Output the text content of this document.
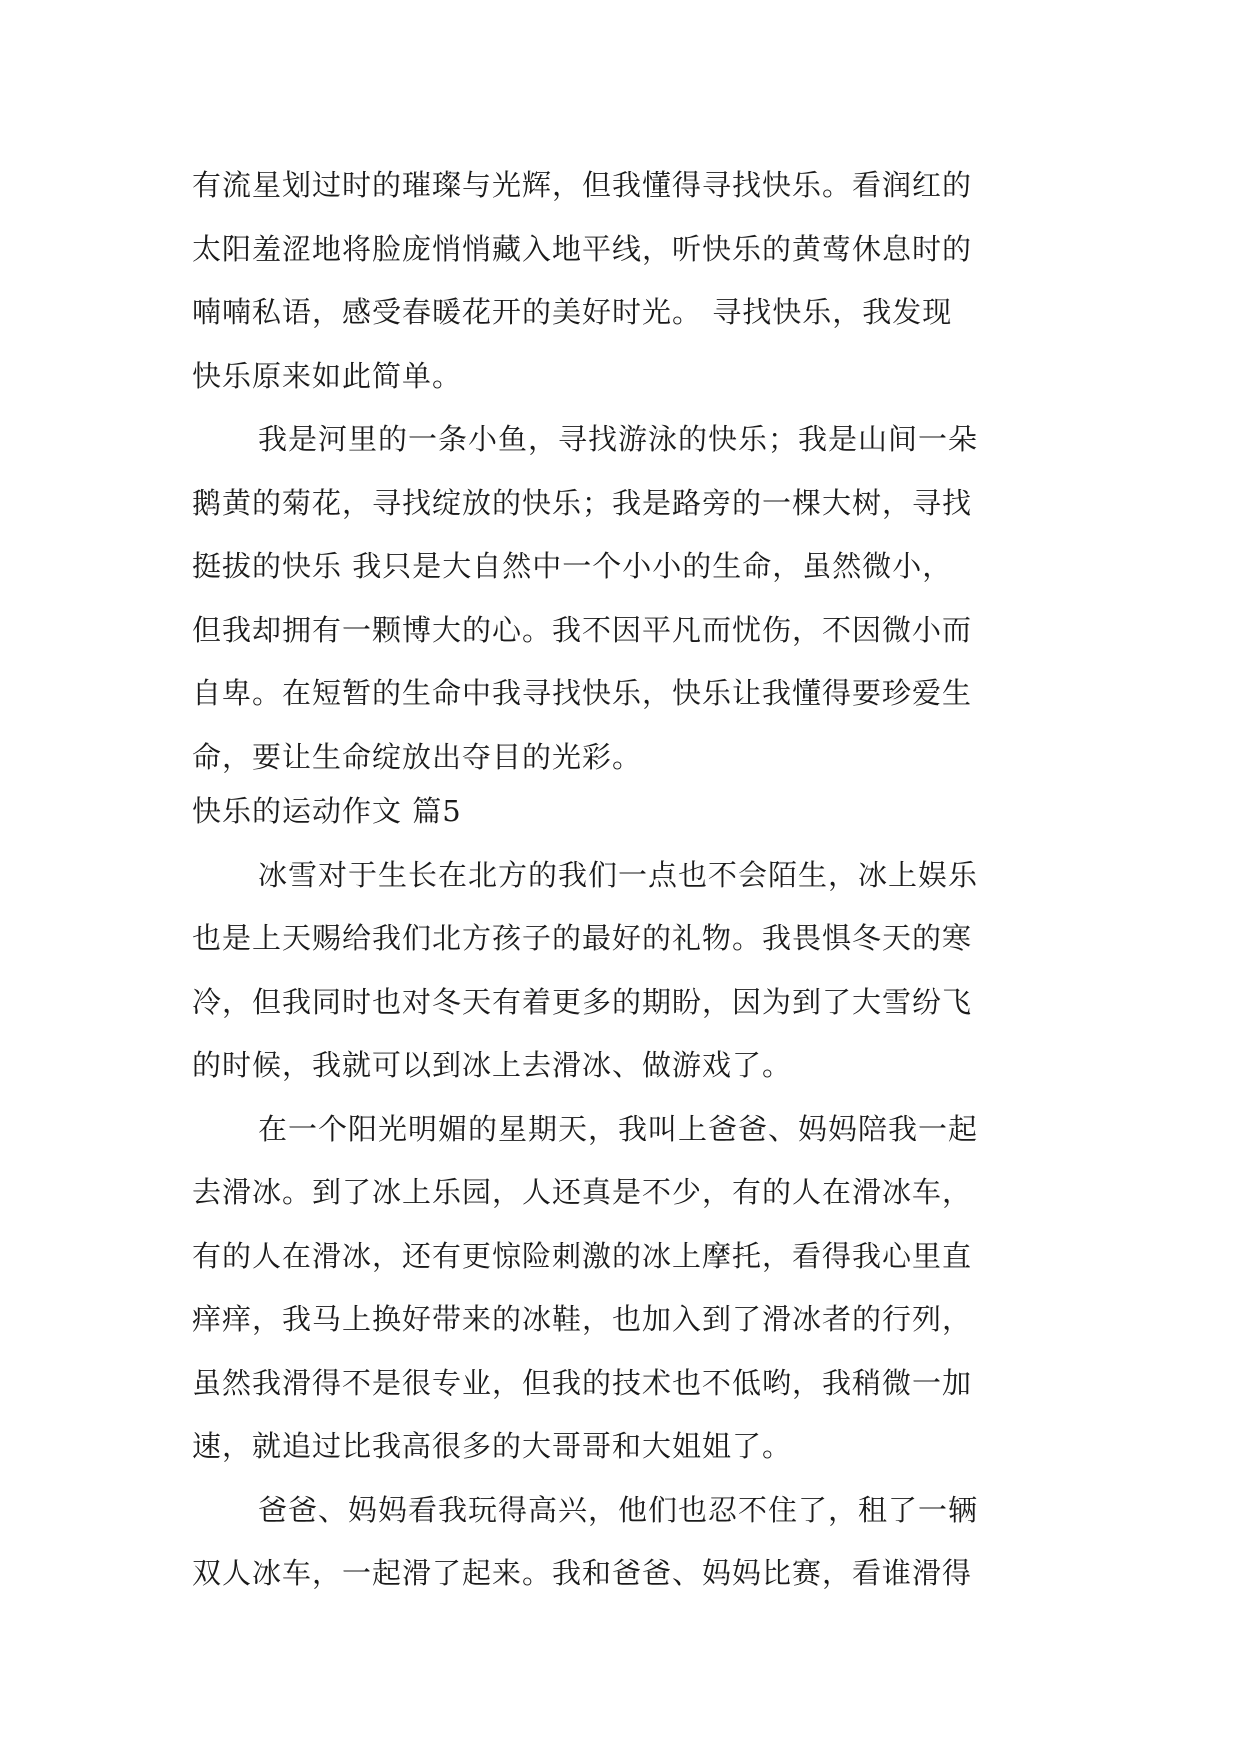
有流星划过时的璀璨与光辉，但我懂得寻找快乐。看润红的

太阳羞涩地将脸庞悄悄藏入地平线，听快乐的黄莺休息时的

喃喃私语，感受春暖花开的美好时光。 寻找快乐，我发现

快乐原来如此简单。

我是河里的一条小鱼，寻找游泳的快乐；我是山间一朵

鹅黄的菊花，寻找绽放的快乐；我是路旁的一棵大树，寻找

挺拔的快乐 我只是大自然中一个小小的生命，虽然微小，

但我却拥有一颗博大的心。我不因平凡而忧伤，不因微小而

自卑。在短暂的生命中我寻找快乐，快乐让我懂得要珍爱生

命，要让生命绽放出夺目的光彩。

快乐的运动作文 篇5

冰雪对于生长在北方的我们一点也不会陌生，冰上娱乐

也是上天赐给我们北方孩子的最好的礼物。我畏惧冬天的寒

冷，但我同时也对冬天有着更多的期盼，因为到了大雪纷飞

的时候，我就可以到冰上去滑冰、做游戏了。

在一个阳光明媚的星期天，我叫上爸爸、妈妈陪我一起

去滑冰。到了冰上乐园，人还真是不少，有的人在滑冰车，

有的人在滑冰，还有更惊险刺激的冰上摩托，看得我心里直

痒痒，我马上换好带来的冰鞋，也加入到了滑冰者的行列，

虽然我滑得不是很专业，但我的技术也不低哟，我稍微一加

速，就追过比我高很多的大哥哥和大姐姐了。

爸爸、妈妈看我玩得高兴，他们也忍不住了，租了一辆

双人冰车，一起滑了起来。我和爸爸、妈妈比赛，看谁滑得
